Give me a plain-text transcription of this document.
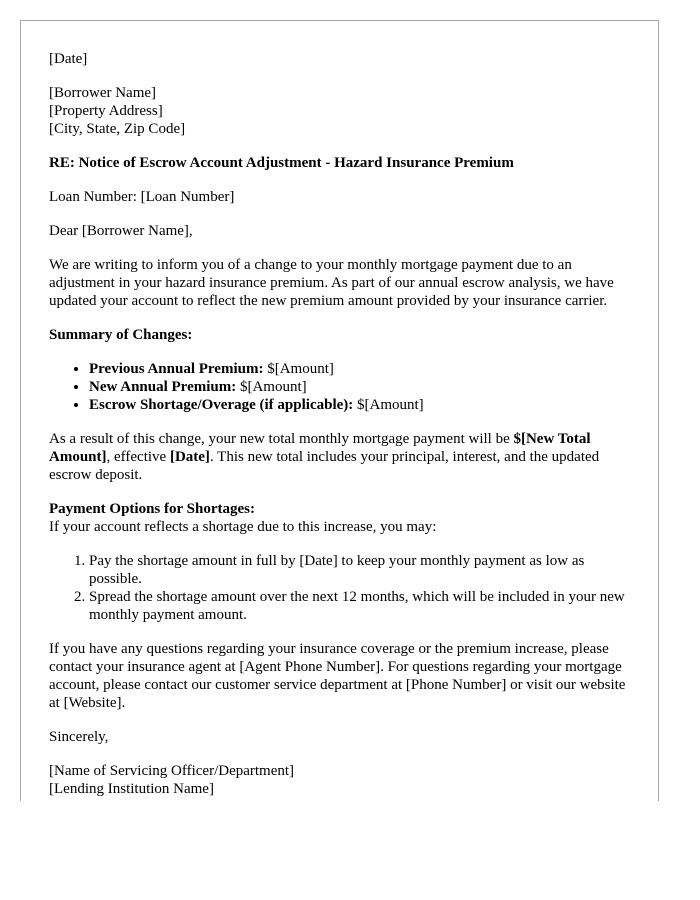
[Date]

[Borrower Name]
[Property Address]
[City, State, Zip Code]

RE: Notice of Escrow Account Adjustment - Hazard Insurance Premium

Loan Number: [Loan Number]

Dear [Borrower Name],

We are writing to inform you of a change to your monthly mortgage payment due to an adjustment in your hazard insurance premium. As part of our annual escrow analysis, we have updated your account to reflect the new premium amount provided by your insurance carrier.

Summary of Changes:

• Previous Annual Premium: $[Amount]
• New Annual Premium: $[Amount]
• Escrow Shortage/Overage (if applicable): $[Amount]

As a result of this change, your new total monthly mortgage payment will be $[New Total Amount], effective [Date]. This new total includes your principal, interest, and the updated escrow deposit.

Payment Options for Shortages:
If your account reflects a shortage due to this increase, you may:

1. Pay the shortage amount in full by [Date] to keep your monthly payment as low as possible.
2. Spread the shortage amount over the next 12 months, which will be included in your new monthly payment amount.

If you have any questions regarding your insurance coverage or the premium increase, please contact your insurance agent at [Agent Phone Number]. For questions regarding your mortgage account, please contact our customer service department at [Phone Number] or visit our website at [Website].

Sincerely,

[Name of Servicing Officer/Department]
[Lending Institution Name]
